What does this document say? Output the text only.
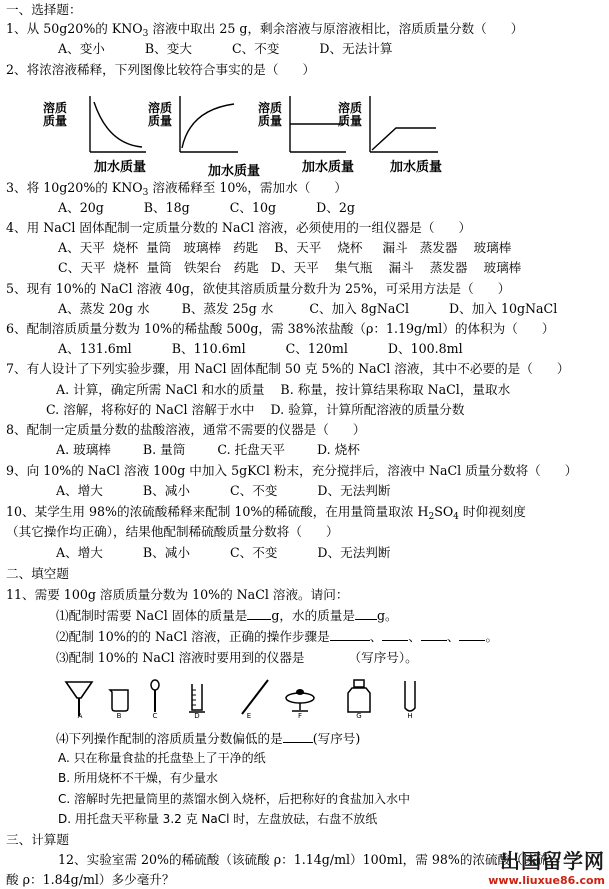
一、选择题：
1、从 50g20%的 $KNO_3$ 溶液中取出 25 g，剩余溶液与原溶液相比，溶质质量分数（      ）
A、变小          B、变大          C、不变          D、无法计算
2、将浓溶液稀释，下列图像比较符合事实的是（      ）
溶质质量
加水质量
溶质质量
加水质量
溶质质量
加水质量
溶质质量
加水质量
3、将 10g20%的 $KNO_3$ 溶液稀释至 10%，需加水（      ）
A、20g          B、18g          C、10g          D、2g
4、用 NaCl 固体配制一定质量分数的 NaCl 溶液，必须使用的一组仪器是（      ）
A、天平  烧杯  量筒   玻璃棒   药匙    B、天平    烧杯     漏斗   蒸发器    玻璃棒
C、天平  烧杯  量筒   铁架台   药匙   D、天平    集气瓶    漏斗    蒸发器    玻璃棒
5、现有 10%的 NaCl 溶液 40g，欲使其溶质质量分数升为 25%，可采用方法是（      ）
A、蒸发 20g 水        B、蒸发 25g 水         C、加入 8gNaCl          D、加入 10gNaCl
6、配制溶质质量分数为 10%的稀盐酸 500g，需 38%浓盐酸（ρ：1.19g/ml）的体积为（      ）
A、131.6ml          B、110.6ml          C、120ml          D、100.8ml
7、有人设计了下列实验步骤，用 NaCl 固体配制 50 克 5%的 NaCl 溶液，其中不必要的是（      ）
A. 计算，确定所需 NaCl 和水的质量    B. 称量，按计算结果称取 NaCl，量取水
C. 溶解，将称好的 NaCl 溶解于水中    D. 验算，计算所配溶液的质量分数
8、配制一定质量分数的盐酸溶液，通常不需要的仪器是（      ）
A. 玻璃棒        B. 量筒        C. 托盘天平        D. 烧杯
9、向 10%的 NaCl 溶液 100g 中加入 5gKCl 粉末，充分搅拌后，溶液中 NaCl 质量分数将（      ）
A、增大          B、减小          C、不变          D、无法判断
10、某学生用 98%的浓硫酸稀释来配制 10%的稀硫酸，在用量筒量取浓 $H_2SO_4$ 时仰视刻度
（其它操作均正确），结果他配制稀硫酸质量分数将（      ）
A、增大          B、减小          C、不变          D、无法判断
二、填空题
11、需要 100g 溶质质量分数为 10%的 NaCl 溶液。请问：
⑴配制时需要 NaCl 固体的质量是 g，水的质量是 g。
⑵配制 10%的的 NaCl 溶液，正确的操作步骤是	、 、 、 。
⑶配制 10%的 NaCl 溶液时要用到的仪器是	（写序号）。
A	B	C	D	E	F	G	H
⑷下列操作配制的溶质质量分数偏低的是 (写序号)
A. 只在称量食盐的托盘垫上了干净的纸
B. 所用烧杯不干燥，有少量水
C. 溶解时先把量筒里的蒸馏水倒入烧杯，后把称好的食盐加入水中
D. 用托盘天平称量 3.2 克 NaCl 时，左盘放砝，右盘不放纸
三、计算题
12、实验室需 20%的稀硫酸（该硫酸 ρ：1.14g/ml）100ml，需 98%的浓硫酸（该硫
酸 ρ：1.84g/ml）多少毫升？
出国留学网
www.liuxue86.com
